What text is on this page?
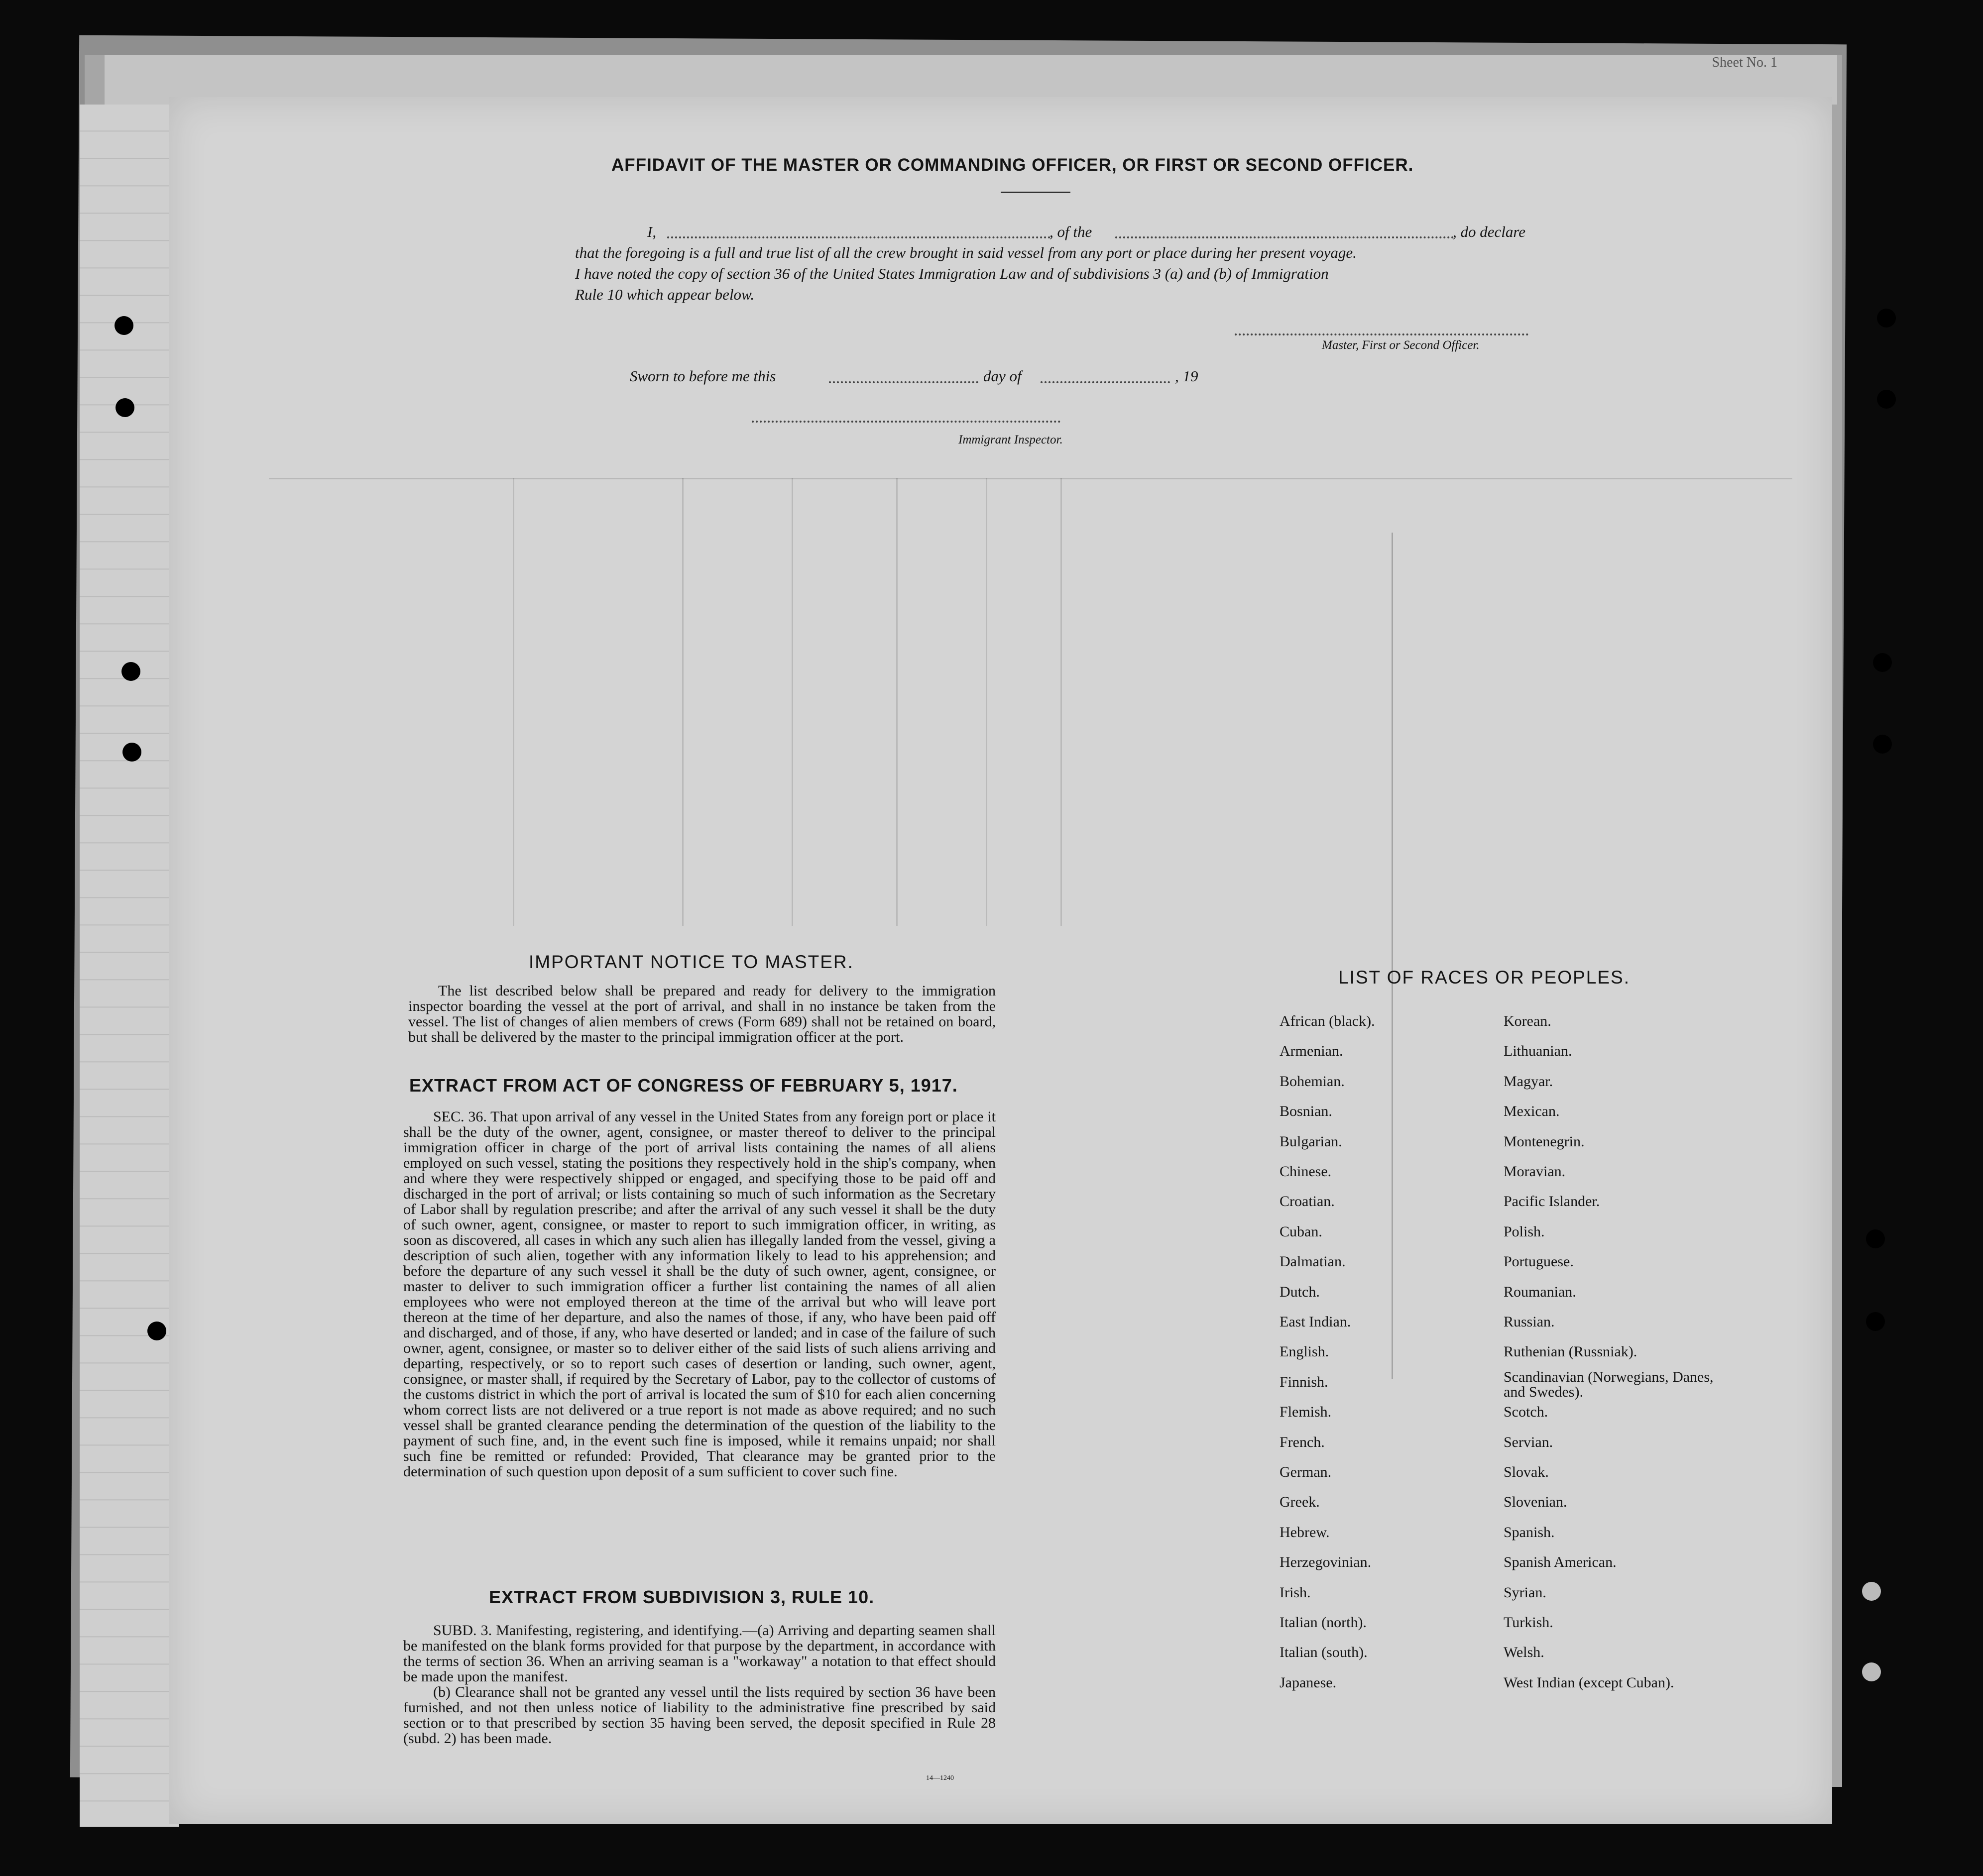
Sheet No. 1
AFFIDAVIT OF THE MASTER OR COMMANDING OFFICER, OR FIRST OR SECOND OFFICER.
I,	, of the	, do declare
that the foregoing is a full and true list of all the crew brought in said vessel from any port or place during her present voyage.
I have noted the copy of section 36 of the United States Immigration Law and of subdivisions 3 (a) and (b) of Immigration
Rule 10 which appear below.
Master, First or Second Officer.
Sworn to before me this	day of	, 19
Immigrant Inspector.
IMPORTANT NOTICE TO MASTER.

The list described below shall be prepared and ready for delivery to the immigration inspector boarding the vessel at the port of arrival, and shall in no instance be taken from the vessel. The list of changes of alien members of crews (Form 689) shall not be retained on board, but shall be delivered by the master to the principal immigration officer at the port.

EXTRACT FROM ACT OF CONGRESS OF FEBRUARY 5, 1917.

SEC. 36. That upon arrival of any vessel in the United States from any foreign port or place it shall be the duty of the owner, agent, consignee, or master thereof to deliver to the principal immigration officer in charge of the port of arrival lists containing the names of all aliens employed on such vessel, stating the positions they respectively hold in the ship's company, when and where they were respectively shipped or engaged, and specifying those to be paid off and discharged in the port of arrival; or lists containing so much of such information as the Secretary of Labor shall by regulation prescribe; and after the arrival of any such vessel it shall be the duty of such owner, agent, consignee, or master to report to such immigration officer, in writing, as soon as discovered, all cases in which any such alien has illegally landed from the vessel, giving a description of such alien, together with any information likely to lead to his apprehension; and before the departure of any such vessel it shall be the duty of such owner, agent, consignee, or master to deliver to such immigration officer a further list containing the names of all alien employees who were not employed thereon at the time of the arrival but who will leave port thereon at the time of her departure, and also the names of those, if any, who have been paid off and discharged, and of those, if any, who have deserted or landed; and in case of the failure of such owner, agent, consignee, or master so to deliver either of the said lists of such aliens arriving and departing, respectively, or so to report such cases of desertion or landing, such owner, agent, consignee, or master shall, if required by the Secretary of Labor, pay to the collector of customs of the customs district in which the port of arrival is located the sum of $10 for each alien concerning whom correct lists are not delivered or a true report is not made as above required; and no such vessel shall be granted clearance pending the determination of the question of the liability to the payment of such fine, and, in the event such fine is imposed, while it remains unpaid; nor shall such fine be remitted or refunded: Provided, That clearance may be granted prior to the determination of such question upon deposit of a sum sufficient to cover such fine.

EXTRACT FROM SUBDIVISION 3, RULE 10.

SUBD. 3. Manifesting, registering, and identifying.—(a) Arriving and departing seamen shall be manifested on the blank forms provided for that purpose by the department, in accordance with the terms of section 36. When an arriving seaman is a "workaway" a notation to that effect should be made upon the manifest.

(b) Clearance shall not be granted any vessel until the lists required by section 36 have been furnished, and not then unless notice of liability to the administrative fine prescribed by said section or to that prescribed by section 35 having been served, the deposit specified in Rule 28 (subd. 2) has been made.

14—1240
LIST OF RACES OR PEOPLES.
African (black).
Armenian.
Bohemian.
Bosnian.
Bulgarian.
Chinese.
Croatian.
Cuban.
Dalmatian.
Dutch.
East Indian.
English.
Finnish.
Flemish.
French.
German.
Greek.
Hebrew.
Herzegovinian.
Irish.
Italian (north).
Italian (south).
Japanese.
Korean.
Lithuanian.
Magyar.
Mexican.
Montenegrin.
Moravian.
Pacific Islander.
Polish.
Portuguese.
Roumanian.
Russian.
Ruthenian (Russniak).
Scandinavian (Norwegians, Danes, and Swedes).
Scotch.
Servian.
Slovak.
Slovenian.
Spanish.
Spanish American.
Syrian.
Turkish.
Welsh.
West Indian (except Cuban).
